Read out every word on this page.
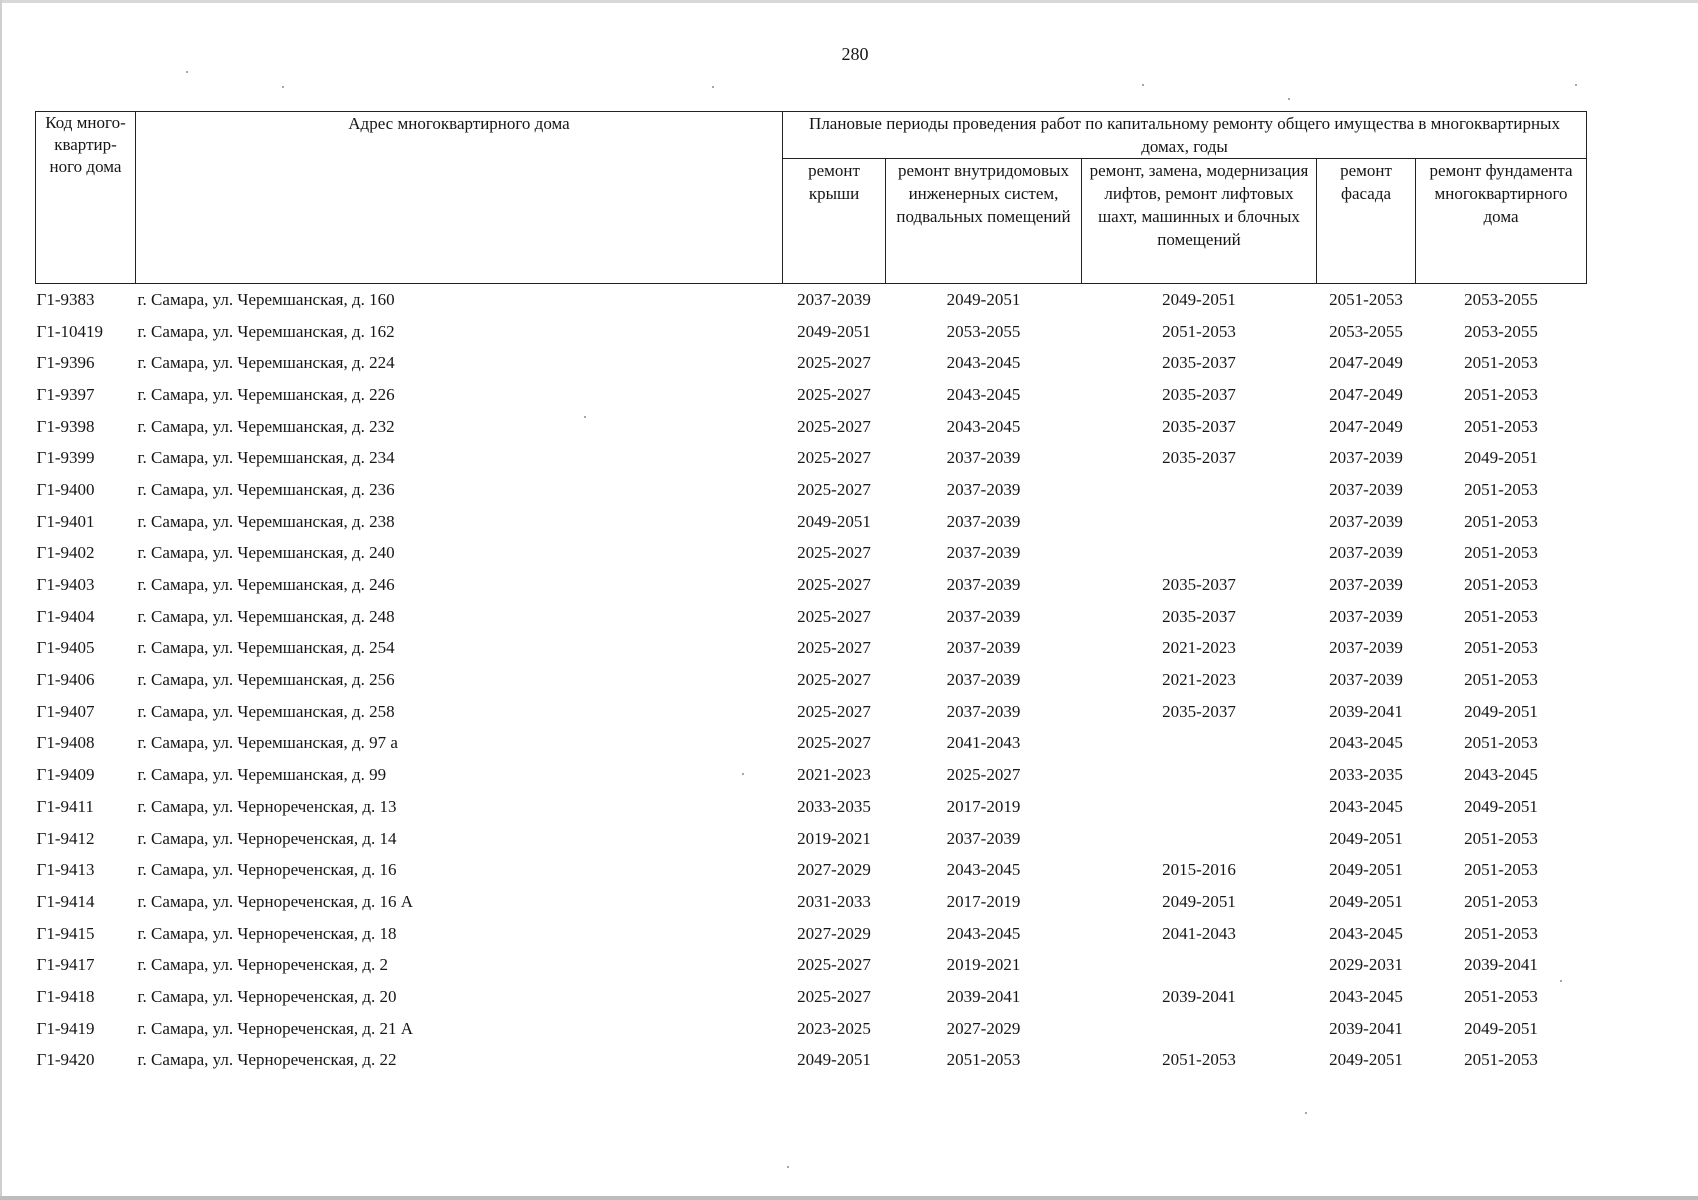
280
Код много-квартир-ного дома	Адрес многоквартирного дома	Плановые периоды проведения работ по капитальному ремонту общего имущества в многоквартирных домах, годы				
		ремонт крыши	ремонт внутридомовых инженерных систем, подвальных помещений	ремонт, замена, модернизация лифтов, ремонт лифтовых шахт, машинных и блочных помещений	ремонт фасада	ремонт фундамента многоквартирного дома
Г1-9383	г. Самара, ул. Черемшанская, д. 160	2037-2039	2049-2051	2049-2051	2051-2053	2053-2055
Г1-10419	г. Самара, ул. Черемшанская, д. 162	2049-2051	2053-2055	2051-2053	2053-2055	2053-2055
Г1-9396	г. Самара, ул. Черемшанская, д. 224	2025-2027	2043-2045	2035-2037	2047-2049	2051-2053
Г1-9397	г. Самара, ул. Черемшанская, д. 226	2025-2027	2043-2045	2035-2037	2047-2049	2051-2053
Г1-9398	г. Самара, ул. Черемшанская, д. 232	2025-2027	2043-2045	2035-2037	2047-2049	2051-2053
Г1-9399	г. Самара, ул. Черемшанская, д. 234	2025-2027	2037-2039	2035-2037	2037-2039	2049-2051
Г1-9400	г. Самара, ул. Черемшанская, д. 236	2025-2027	2037-2039		2037-2039	2051-2053
Г1-9401	г. Самара, ул. Черемшанская, д. 238	2049-2051	2037-2039		2037-2039	2051-2053
Г1-9402	г. Самара, ул. Черемшанская, д. 240	2025-2027	2037-2039		2037-2039	2051-2053
Г1-9403	г. Самара, ул. Черемшанская, д. 246	2025-2027	2037-2039	2035-2037	2037-2039	2051-2053
Г1-9404	г. Самара, ул. Черемшанская, д. 248	2025-2027	2037-2039	2035-2037	2037-2039	2051-2053
Г1-9405	г. Самара, ул. Черемшанская, д. 254	2025-2027	2037-2039	2021-2023	2037-2039	2051-2053
Г1-9406	г. Самара, ул. Черемшанская, д. 256	2025-2027	2037-2039	2021-2023	2037-2039	2051-2053
Г1-9407	г. Самара, ул. Черемшанская, д. 258	2025-2027	2037-2039	2035-2037	2039-2041	2049-2051
Г1-9408	г. Самара, ул. Черемшанская, д. 97 а	2025-2027	2041-2043		2043-2045	2051-2053
Г1-9409	г. Самара, ул. Черемшанская, д. 99	2021-2023	2025-2027		2033-2035	2043-2045
Г1-9411	г. Самара, ул. Чернореченская, д. 13	2033-2035	2017-2019		2043-2045	2049-2051
Г1-9412	г. Самара, ул. Чернореченская, д. 14	2019-2021	2037-2039		2049-2051	2051-2053
Г1-9413	г. Самара, ул. Чернореченская, д. 16	2027-2029	2043-2045	2015-2016	2049-2051	2051-2053
Г1-9414	г. Самара, ул. Чернореченская, д. 16 А	2031-2033	2017-2019	2049-2051	2049-2051	2051-2053
Г1-9415	г. Самара, ул. Чернореченская, д. 18	2027-2029	2043-2045	2041-2043	2043-2045	2051-2053
Г1-9417	г. Самара, ул. Чернореченская, д. 2	2025-2027	2019-2021		2029-2031	2039-2041
Г1-9418	г. Самара, ул. Чернореченская, д. 20	2025-2027	2039-2041	2039-2041	2043-2045	2051-2053
Г1-9419	г. Самара, ул. Чернореченская, д. 21 А	2023-2025	2027-2029		2039-2041	2049-2051
Г1-9420	г. Самара, ул. Чернореченская, д. 22	2049-2051	2051-2053	2051-2053	2049-2051	2051-2053
